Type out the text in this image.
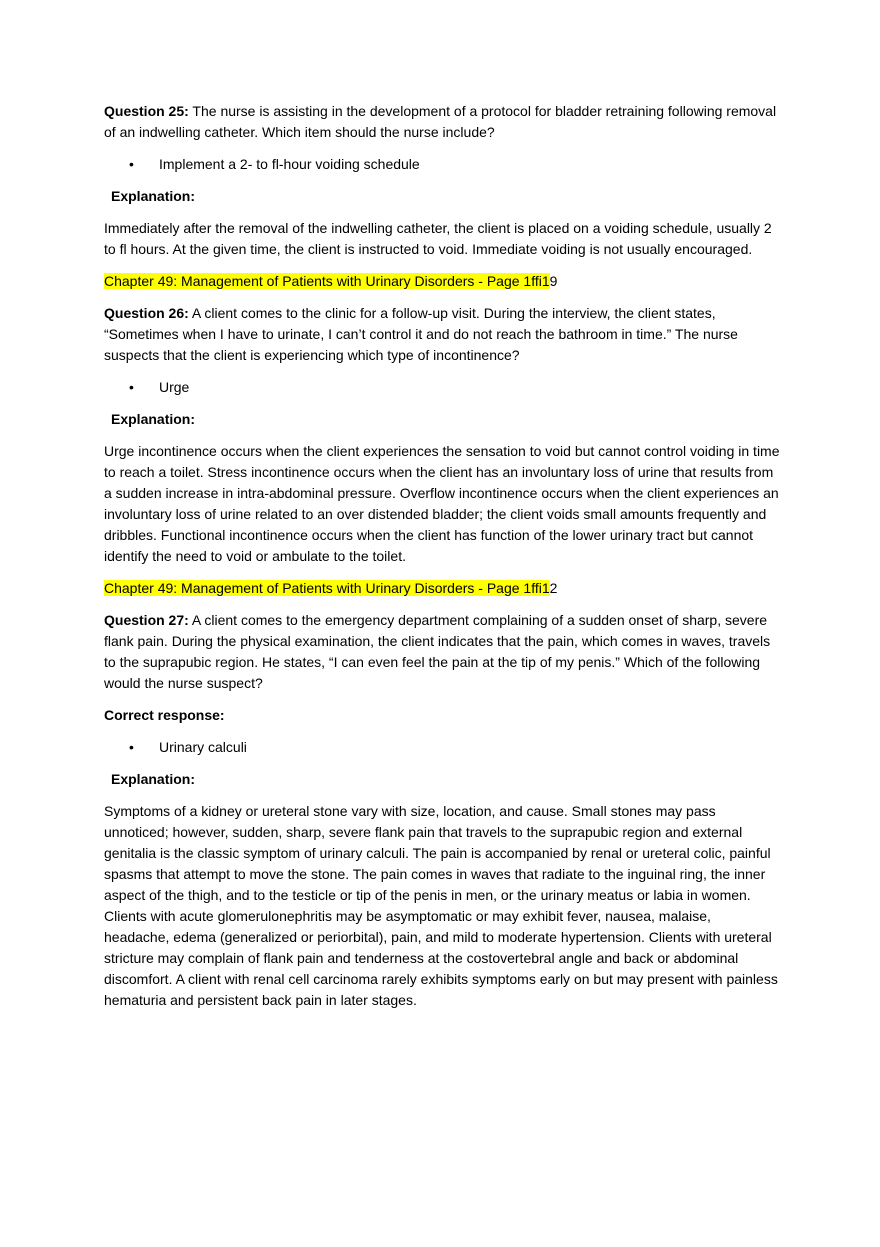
Question 25: The nurse is assisting in the development of a protocol for bladder retraining following removal of an indwelling catheter. Which item should the nurse include?

• Implement a 2- to fl-hour voiding schedule
Explanation:

Immediately after the removal of the indwelling catheter, the client is placed on a voiding schedule, usually 2 to fl hours. At the given time, the client is instructed to void. Immediate voiding is not usually encouraged.

Chapter 49: Management of Patients with Urinary Disorders - Page 1ffi19

Question 26: A client comes to the clinic for a follow-up visit. During the interview, the client states, “Sometimes when I have to urinate, I can’t control it and do not reach the bathroom in time.” The nurse suspects that the client is experiencing which type of incontinence?

• Urge
Explanation:

Urge incontinence occurs when the client experiences the sensation to void but cannot control voiding in time to reach a toilet. Stress incontinence occurs when the client has an involuntary loss of urine that results from a sudden increase in intra-abdominal pressure. Overflow incontinence occurs when the client experiences an involuntary loss of urine related to an over distended bladder; the client voids small amounts frequently and dribbles. Functional incontinence occurs when the client has function of the lower urinary tract but cannot identify the need to void or ambulate to the toilet.

Chapter 49: Management of Patients with Urinary Disorders - Page 1ffi12

Question 27: A client comes to the emergency department complaining of a sudden onset of sharp, severe flank pain. During the physical examination, the client indicates that the pain, which comes in waves, travels to the suprapubic region. He states, “I can even feel the pain at the tip of my penis.” Which of the following would the nurse suspect?

Correct response:
• Urinary calculi
Explanation:

Symptoms of a kidney or ureteral stone vary with size, location, and cause. Small stones may pass unnoticed; however, sudden, sharp, severe flank pain that travels to the suprapubic region and external genitalia is the classic symptom of urinary calculi. The pain is accompanied by renal or ureteral colic, painful spasms that attempt to move the stone. The pain comes in waves that radiate to the inguinal ring, the inner aspect of the thigh, and to the testicle or tip of the penis in men, or the urinary meatus or labia in women. Clients with acute glomerulonephritis may be asymptomatic or may exhibit fever, nausea, malaise, headache, edema (generalized or periorbital), pain, and mild to moderate hypertension. Clients with ureteral stricture may complain of flank pain and tenderness at the costovertebral angle and back or abdominal discomfort. A client with renal cell carcinoma rarely exhibits symptoms early on but may present with painless hematuria and persistent back pain in later stages.
